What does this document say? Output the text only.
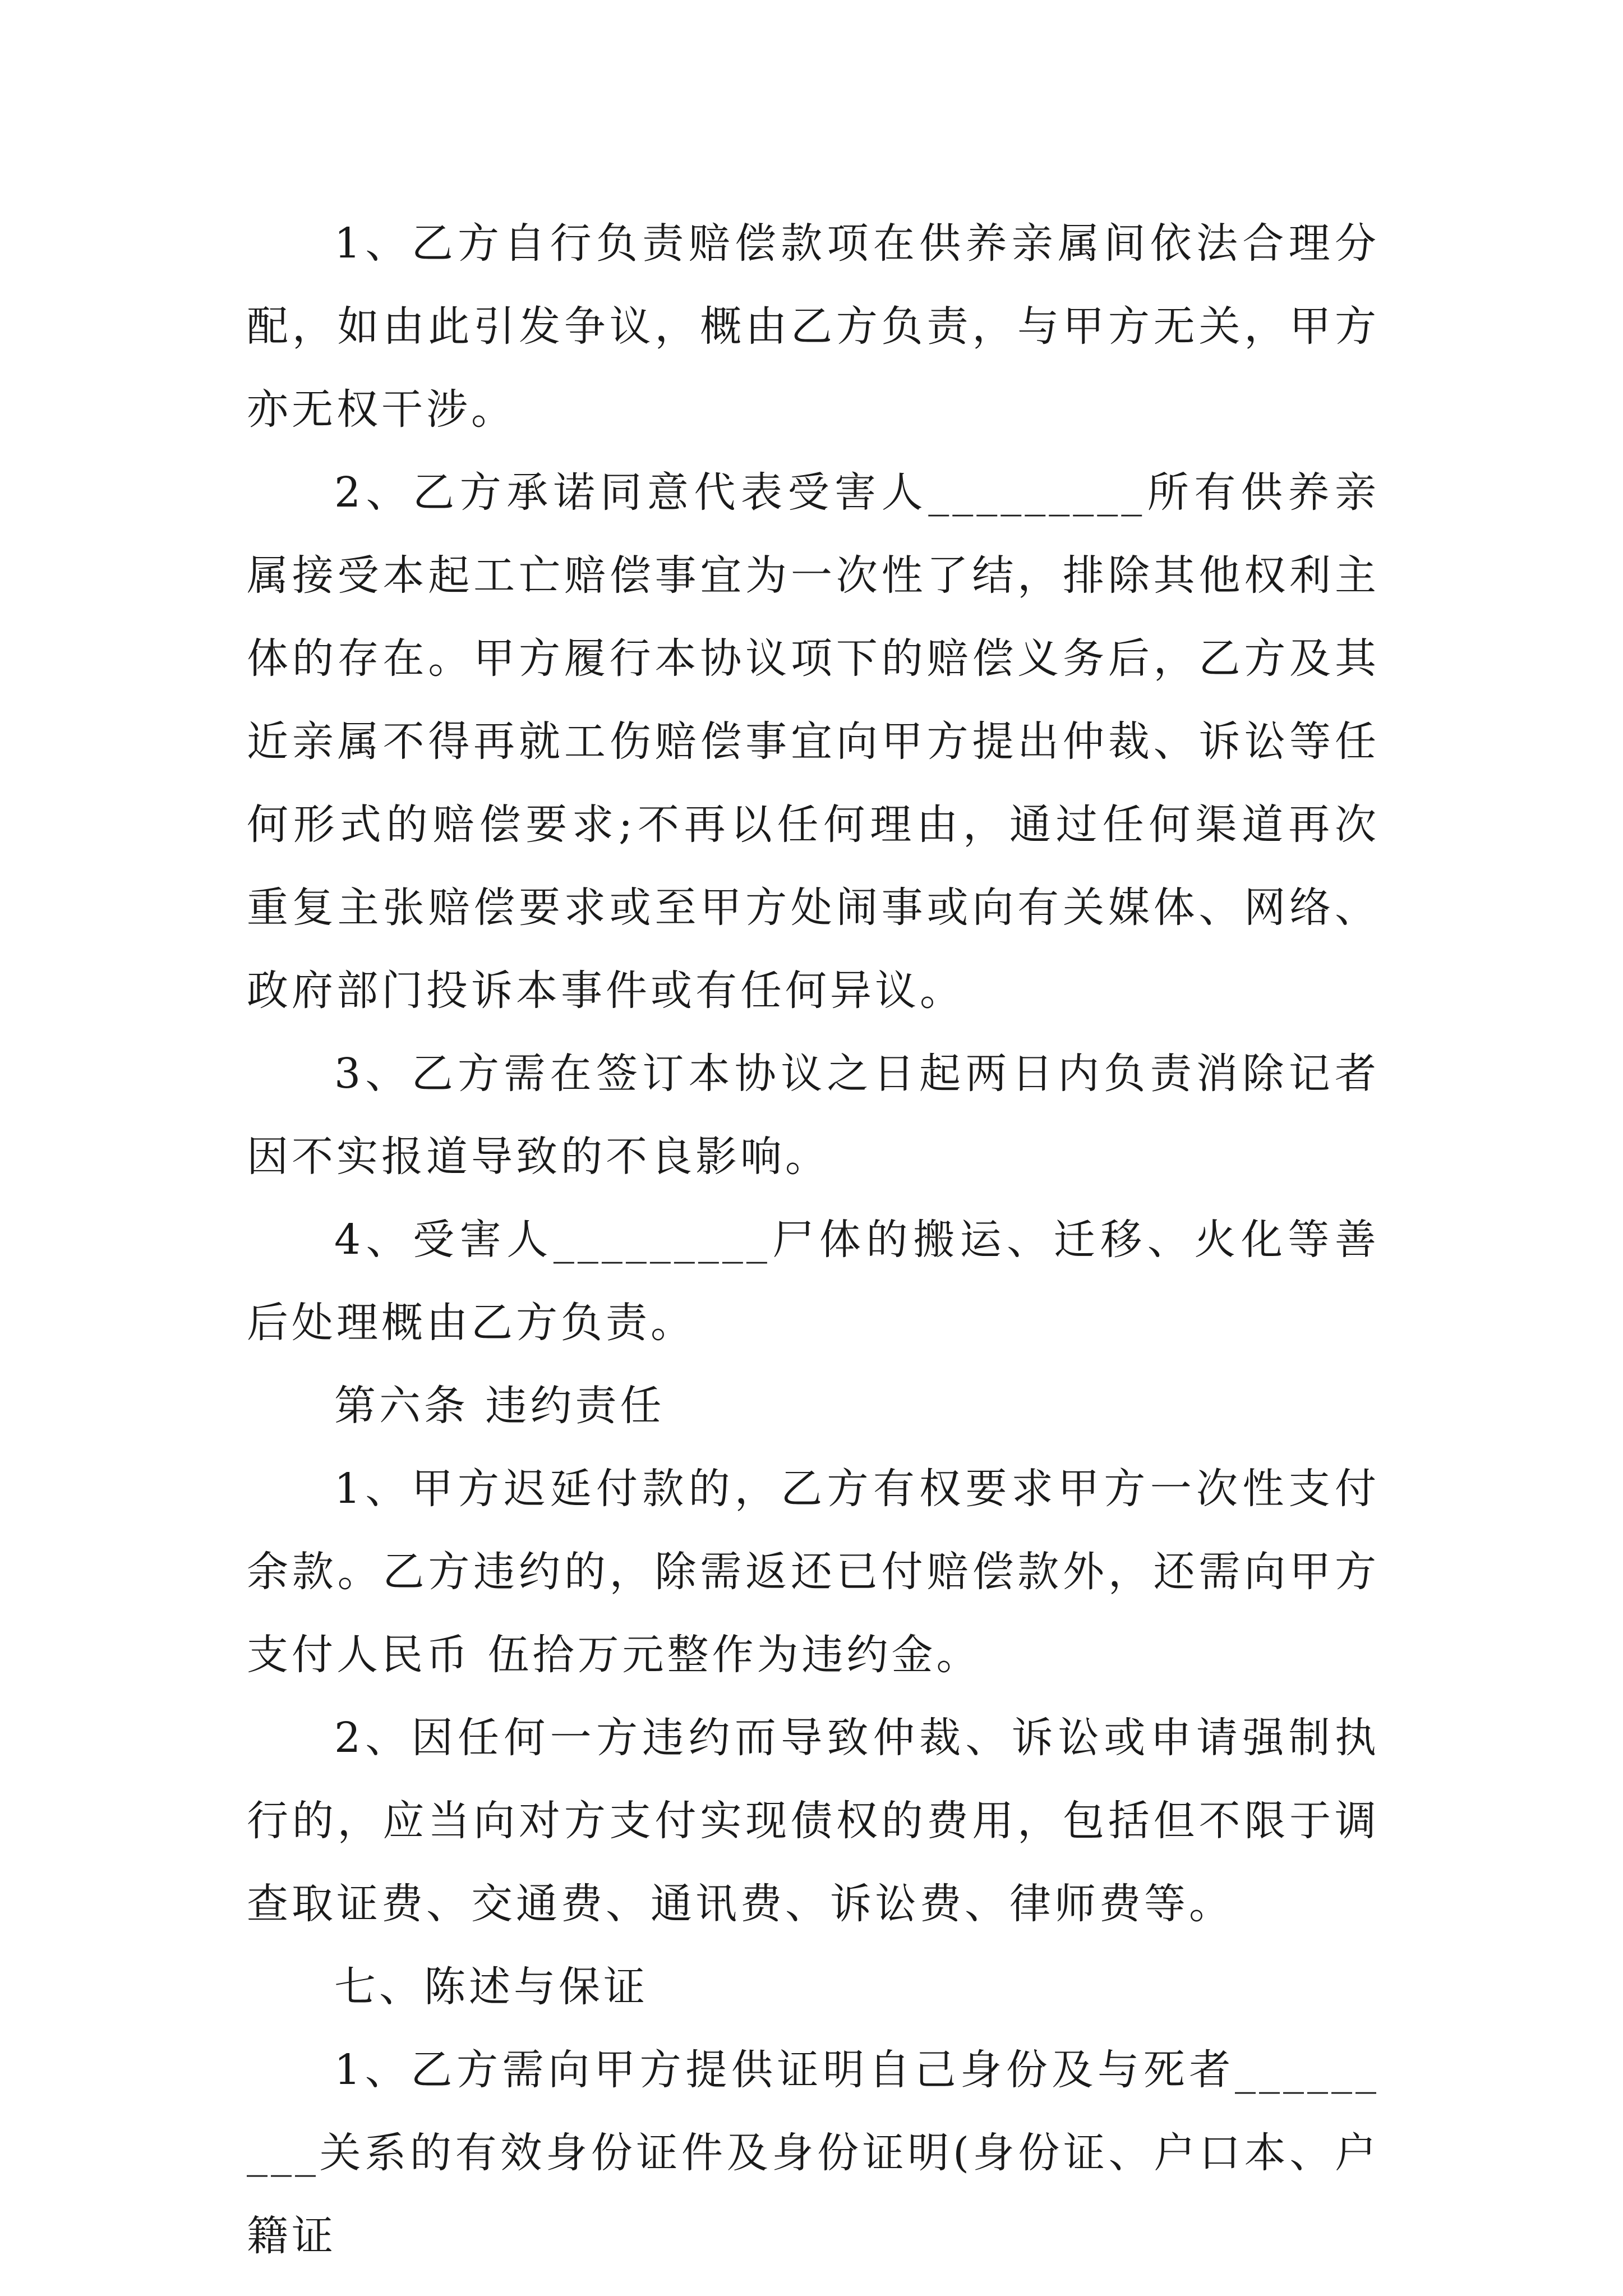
1、乙方自行负责赔偿款项在供养亲属间依法合理分配，如由此引发争议，概由乙方负责，与甲方无关，甲方亦无权干涉。

2、乙方承诺同意代表受害人_________所有供养亲属接受本起工亡赔偿事宜为一次性了结，排除其他权利主体的存在。甲方履行本协议项下的赔偿义务后，乙方及其近亲属不得再就工伤赔偿事宜向甲方提出仲裁、诉讼等任何形式的赔偿要求;不再以任何理由，通过任何渠道再次重复主张赔偿要求或至甲方处闹事或向有关媒体、网络、政府部门投诉本事件或有任何异议。

3、乙方需在签订本协议之日起两日内负责消除记者因不实报道导致的不良影响。

4、受害人_________尸体的搬运、迁移、火化等善后处理概由乙方负责。

第六条 违约责任

1、甲方迟延付款的，乙方有权要求甲方一次性支付余款。乙方违约的，除需返还已付赔偿款外，还需向甲方支付人民币 伍拾万元整作为违约金。

2、因任何一方违约而导致仲裁、诉讼或申请强制执行的，应当向对方支付实现债权的费用，包括但不限于调查取证费、交通费、通讯费、诉讼费、律师费等。

七、陈述与保证

1、乙方需向甲方提供证明自己身份及与死者_________关系的有效身份证件及身份证明(身份证、户口本、户籍证
